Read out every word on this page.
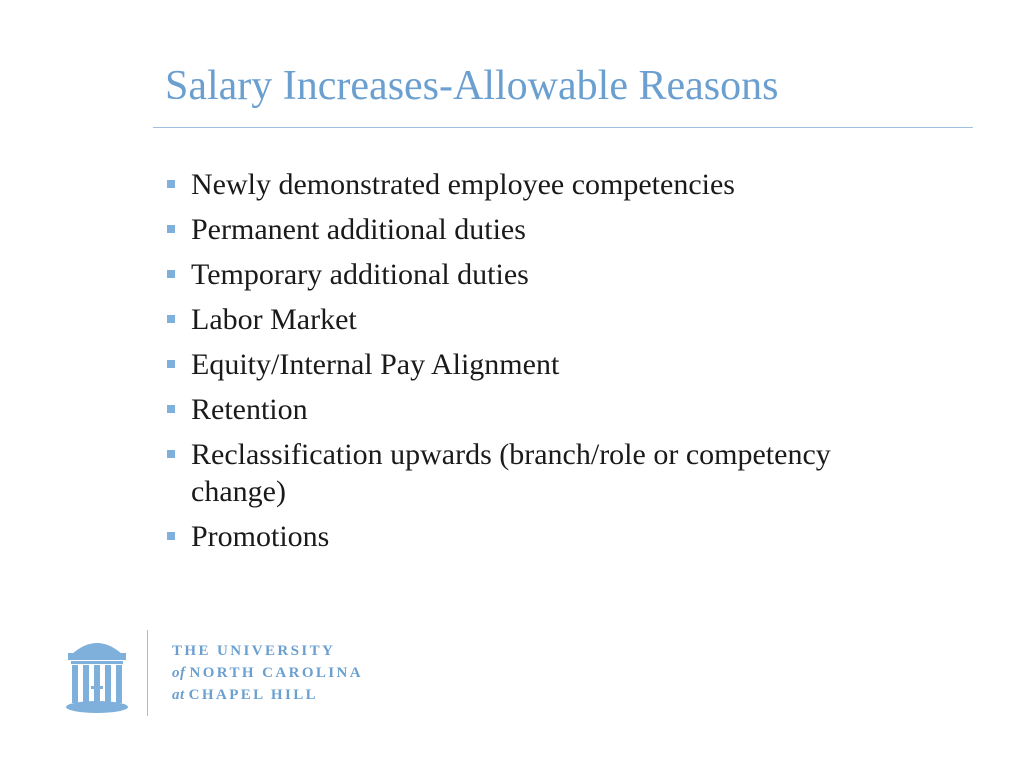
Salary Increases-Allowable Reasons
Newly demonstrated employee competencies
Permanent additional duties
Temporary additional duties
Labor Market
Equity/Internal Pay Alignment
Retention
Reclassification upwards (branch/role or competency change)
Promotions
THE UNIVERSITY
of NORTH CAROLINA
at CHAPEL HILL
